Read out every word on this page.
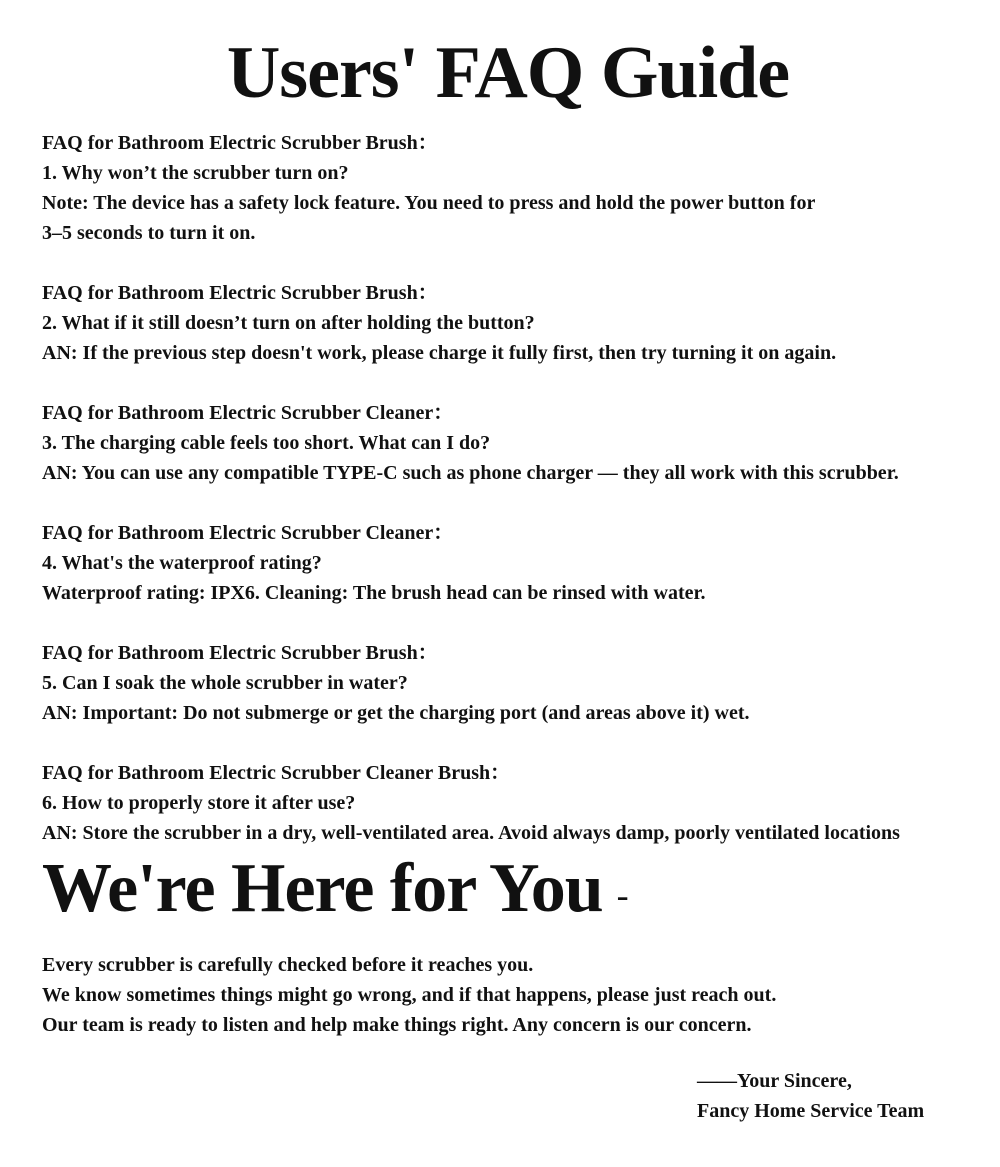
Users' FAQ Guide
FAQ for Bathroom Electric Scrubber Brush：
1. Why won’t the scrubber turn on?
Note: The device has a safety lock feature. You need to press and hold the power button for
3–5 seconds to turn it on.
FAQ for Bathroom Electric Scrubber Brush：
2. What if it still doesn’t turn on after holding the button?
AN: If the previous step doesn't work, please charge it fully first, then try turning it on again.
FAQ for Bathroom Electric Scrubber Cleaner：
3. The charging cable feels too short. What can I do?
AN: You can use any compatible TYPE-C such as phone charger — they all work with this scrubber.
FAQ for Bathroom Electric Scrubber Cleaner：
4. What's the waterproof rating?
Waterproof rating: IPX6. Cleaning: The brush head can be rinsed with water.
FAQ for Bathroom Electric Scrubber Brush：
5. Can I soak the whole scrubber in water?
AN: Important: Do not submerge or get the charging port (and areas above it) wet.
FAQ for Bathroom Electric Scrubber Cleaner Brush：
6. How to properly store it after use?
AN: Store the scrubber in a dry, well-ventilated area. Avoid always damp, poorly ventilated locations
We're Here for You -
Every scrubber is carefully checked before it reaches you.
We know sometimes things might go wrong, and if that happens, please just reach out.
Our team is ready to listen and help make things right. Any concern is our concern.
——Your Sincere,
Fancy Home Service Team
